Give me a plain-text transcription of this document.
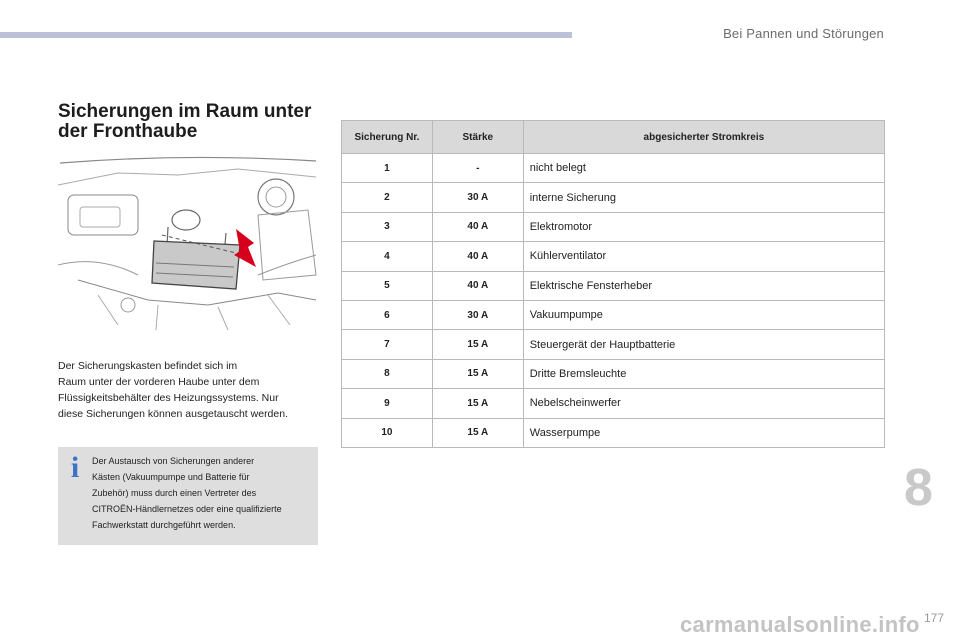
Bei Pannen und Störungen
Sicherungen im Raum unter
der Fronthaube
Der Sicherungskasten befindet sich im
Raum unter der vorderen Haube unter dem
Flüssigkeitsbehälter des Heizungssystems. Nur
diese Sicherungen können ausgetauscht werden.
i	Der Austausch von Sicherungen anderer
Kästen (Vakuumpumpe und Batterie für
Zubehör) muss durch einen Vertreter des
CITROËN-Händlernetzes oder eine qualifizierte
Fachwerkstatt durchgeführt werden.
Sicherung Nr.	Stärke	abgesicherter Stromkreis
1	-	nicht belegt
2	30 A	interne Sicherung
3	40 A	Elektromotor
4	40 A	Kühlerventilator
5	40 A	Elektrische Fensterheber
6	30 A	Vakuumpumpe
7	15 A	Steuergerät der Hauptbatterie
8	15 A	Dritte Bremsleuchte
9	15 A	Nebelscheinwerfer
10	15 A	Wasserpumpe
8
carmanualsonline.info 177
